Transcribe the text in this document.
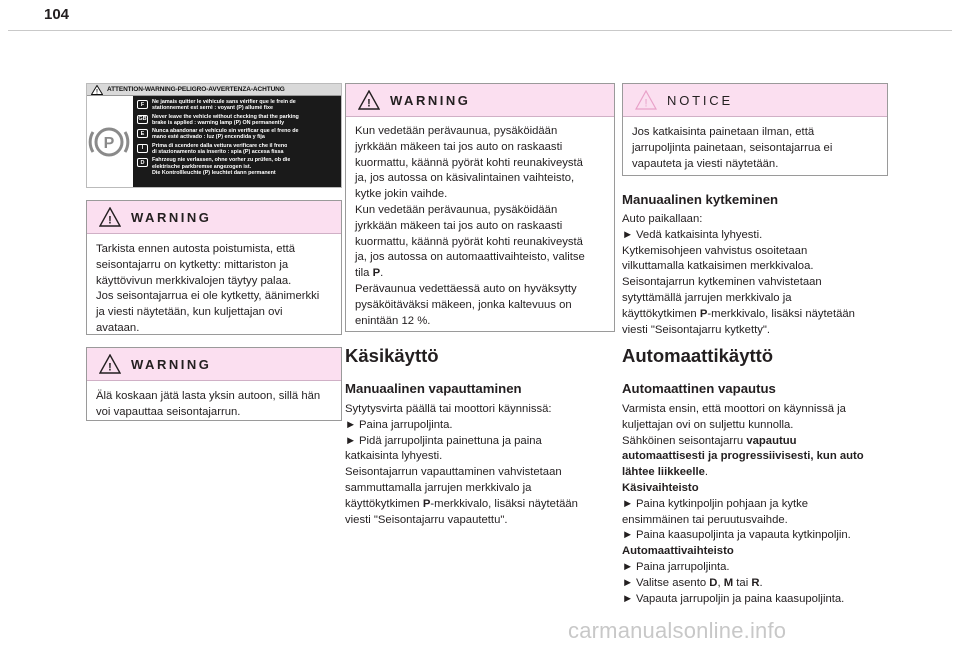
104
! ATTENTION-WARNING-PELIGRO-AVVERTENZA-ACHTUNG
P
F	Ne jamais quitter le véhicule sans vérifier que le frein de
stationnement est serré : voyant (P) allumé fixe
GB Never leave the vehicle without checking that the parking
brake is applied : warning lamp (P) ON permanently
E	Nunca abandonar el vehículo sin verificar que el freno de
mano esté activado : luz (P) encendida y fija
I	Prima di scendere dalla vettura verificare che il freno
di stazionamento sia inserito : spia (P) accesa fissa
D	Fahrzeug nie verlassen, ohne vorher zu prüfen, ob die
elektrische parkbremse angezogen ist.
Die Kontrollleuchte (P) leuchtet dann permanent
! WARNING
Tarkista ennen autosta poistumista, että
seisontajarru on kytketty: mittariston ja
käyttövivun merkkivalojen täytyy palaa.
Jos seisontajarrua ei ole kytketty, äänimerkki
ja viesti näytetään, kun kuljettajan ovi
avataan.
! WARNING
Älä koskaan jätä lasta yksin autoon, sillä hän
voi vapauttaa seisontajarrun.
! WARNING
Kun vedetään perävaunua, pysäköidään
jyrkkään mäkeen tai jos auto on raskaasti
kuormattu, käännä pyörät kohti reunakiveystä
ja, jos autossa on käsivalintainen vaihteisto,
kytke jokin vaihde.
Kun vedetään perävaunua, pysäköidään
jyrkkään mäkeen tai jos auto on raskaasti
kuormattu, käännä pyörät kohti reunakiveystä
ja, jos autossa on automaattivaihteisto, valitse
tila P.
Perävaunua vedettäessä auto on hyväksytty
pysäköitäväksi mäkeen, jonka kaltevuus on
enintään 12 %.
Käsikäyttö
Manuaalinen vapauttaminen
Sytytysvirta päällä tai moottori käynnissä:
► Paina jarrupoljinta.
► Pidä jarrupoljinta painettuna ja paina
katkaisinta lyhyesti.
Seisontajarrun vapauttaminen vahvistetaan
sammuttamalla jarrujen merkkivalo ja
käyttökytkimen P-merkkivalo, lisäksi näytetään
viesti "Seisontajarru vapautettu".
! NOTICE
Jos katkaisinta painetaan ilman, että
jarrupoljinta painetaan, seisontajarrua ei
vapauteta ja viesti näytetään.
Manuaalinen kytkeminen
Auto paikallaan:
► Vedä katkaisinta lyhyesti.
Kytkemisohjeen vahvistus osoitetaan
vilkuttamalla katkaisimen merkkivaloa.
Seisontajarrun kytkeminen vahvistetaan
sytyttämällä jarrujen merkkivalo ja
käyttökytkimen P-merkkivalo, lisäksi näytetään
viesti "Seisontajarru kytketty".
Automaattikäyttö
Automaattinen vapautus
Varmista ensin, että moottori on käynnissä ja
kuljettajan ovi on suljettu kunnolla.
Sähköinen seisontajarru vapautuu
automaattisesti ja progressiivisesti, kun auto
lähtee liikkeelle.
Käsivaihteisto
► Paina kytkinpoljin pohjaan ja kytke
ensimmäinen tai peruutusvaihde.
► Paina kaasupoljinta ja vapauta kytkinpoljin.
Automaattivaihteisto
► Paina jarrupoljinta.
► Valitse asento D, M tai R.
► Vapauta jarrupoljin ja paina kaasupoljinta.
carmanualsonline.info
